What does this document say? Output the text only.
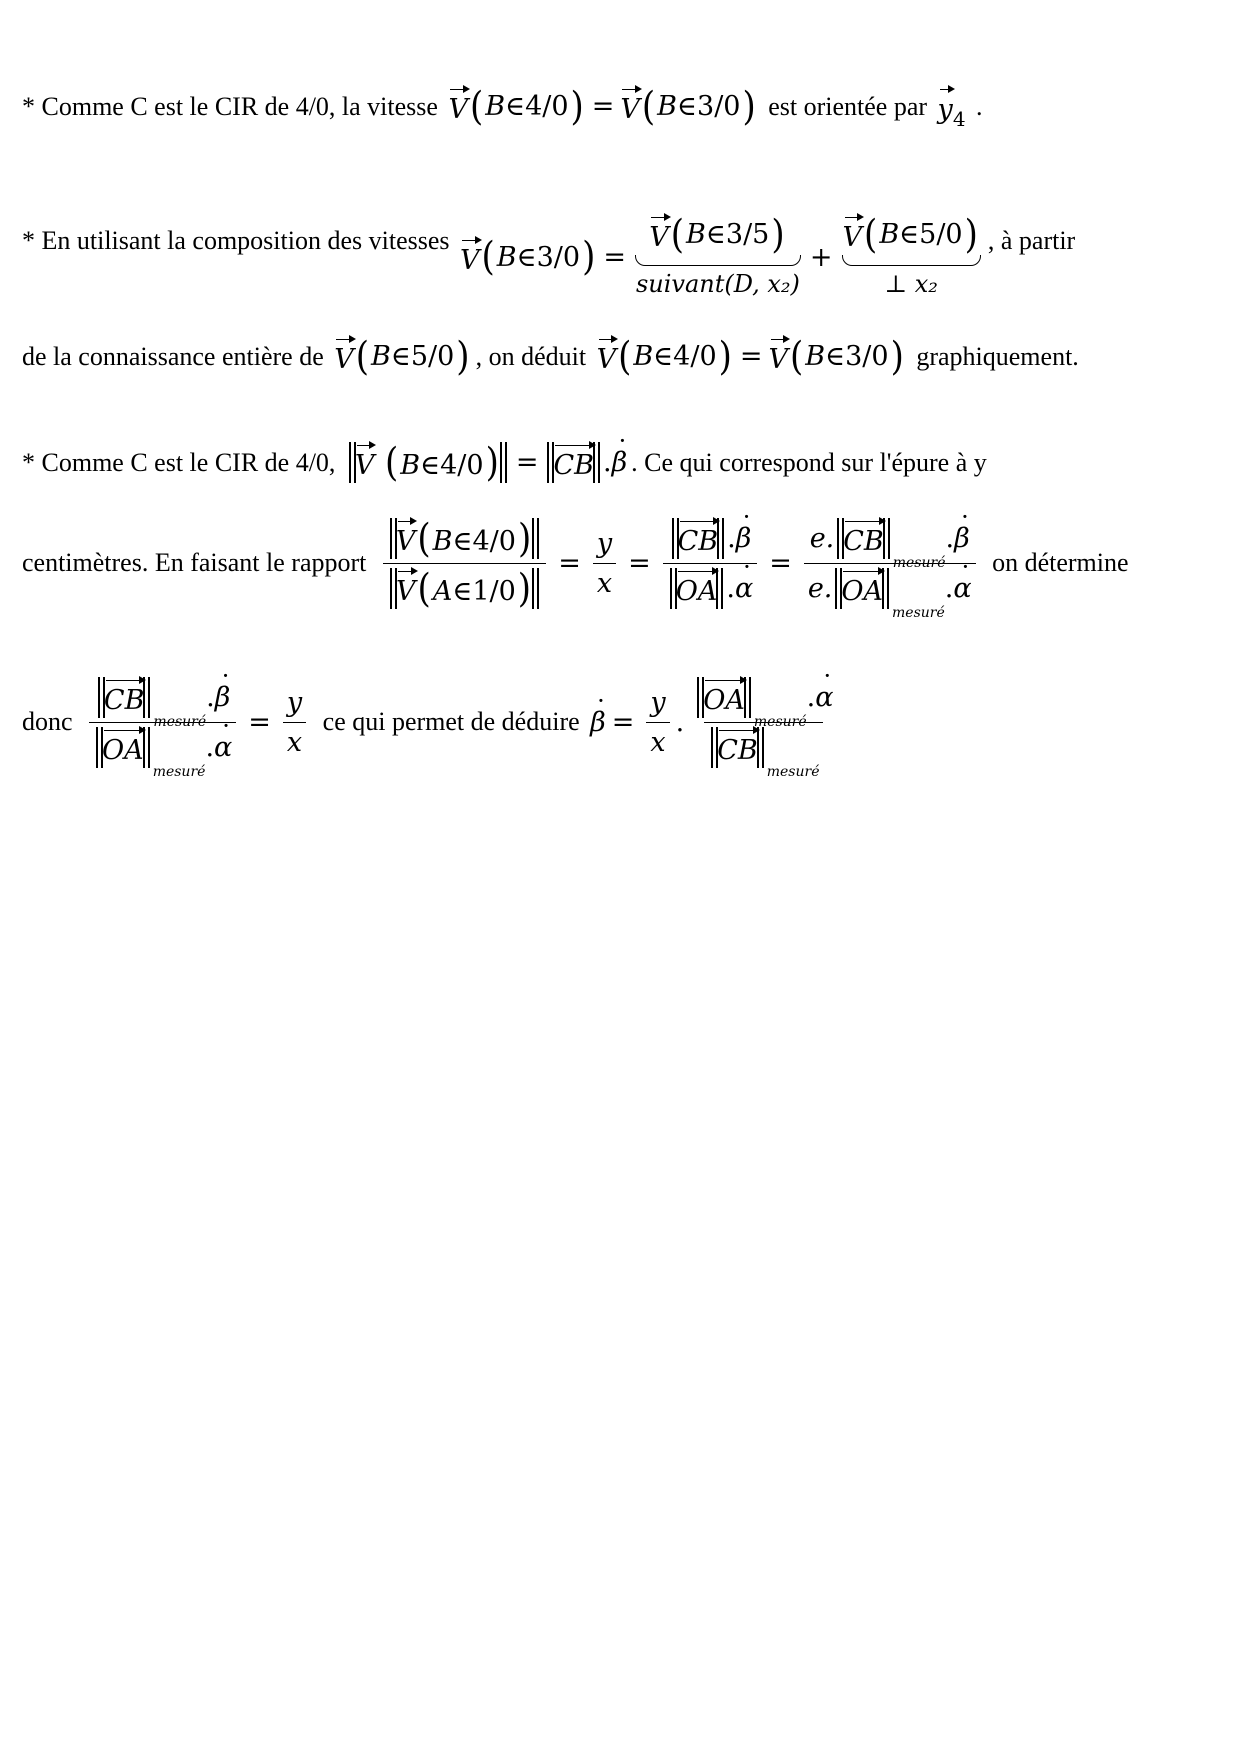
* Comme C est le CIR de 4/0, la vitesse V ( B ∈ 4/0 ) = V ( B ∈ 3/0 ) est orientée par y 4 .
* En utilisant la composition des vitesses
V ( B ∈ 3/0 ) =
V ( B ∈ 3/5 )
suivant(D, x₂)
+
V ( B ∈ 5/0 )
⊥ x₂
, à partir
de la connaissance entière de V ( B ∈ 5/0 ) , on déduit V ( B ∈ 4/0 ) = V ( B ∈ 3/0 ) graphiquement.
* Comme C est le CIR de 4/0, V (B∈4/0) = CB .
· β . Ce qui correspond sur l'épure à y
centimètres. En faisant le rapport $\frac{V(B\in 4/0)}{V(A\in 1/0)} = \frac{y}{x}$ = CB .
· β
OA .
· α = e. CB
mesuré
.
· β
e. OA
mesuré
.
· α on détermine
donc CB
mesuré
.
· β
OA
mesuré
.
· $\alpha = \frac{y}{x}$ ce qui permet de déduire
· $\beta = \frac{y}{x}$ . OA
mesuré
.
· α
CB
mesuré
